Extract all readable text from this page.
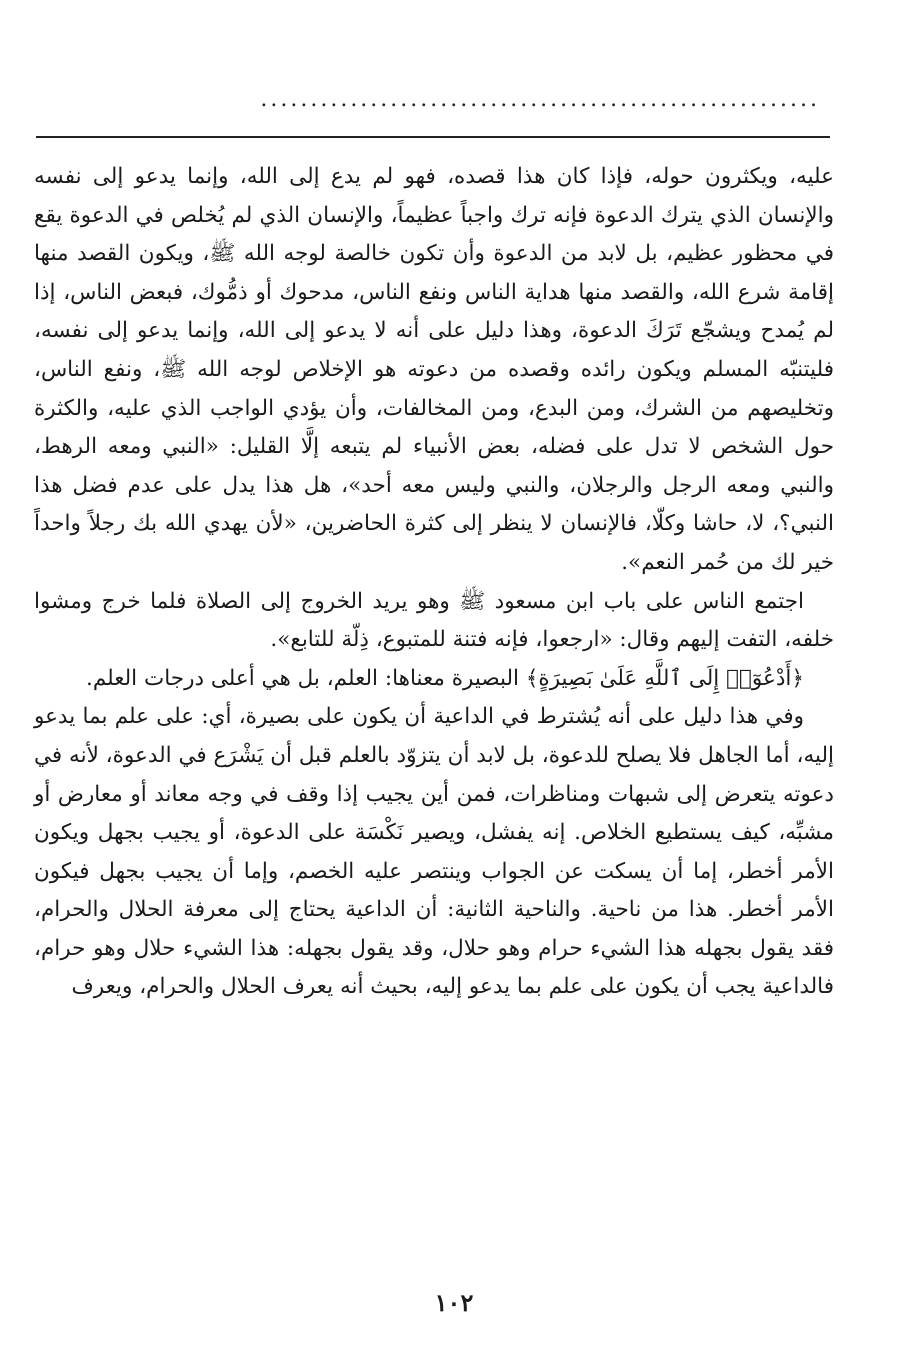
........................................................

عليه، ويكثرون حوله، فإذا كان هذا قصده، فهو لم يدع إلى الله، وإنما يدعو إلى نفسه والإنسان الذي يترك الدعوة فإنه ترك واجباً عظيماً، والإنسان الذي لم يُخلص في الدعوة يقع في محظور عظيم، بل لابد من الدعوة وأن تكون خالصة لوجه الله ﷺ، ويكون القصد منها إقامة شرع الله، والقصد منها هداية الناس ونفع الناس، مدحوك أو ذمُّوك، فبعض الناس، إذا لم يُمدح ويشجّع تَرَكَ الدعوة، وهذا دليل على أنه لا يدعو إلى الله، وإنما يدعو إلى نفسه، فليتنبّه المسلم ويكون رائده وقصده من دعوته هو الإخلاص لوجه الله ﷺ، ونفع الناس، وتخليصهم من الشرك، ومن البدع، ومن المخالفات، وأن يؤدي الواجب الذي عليه، والكثرة حول الشخص لا تدل على فضله، بعض الأنبياء لم يتبعه إلَّا القليل: «النبي ومعه الرهط، والنبي ومعه الرجل والرجلان، والنبي وليس معه أحد»، هل هذا يدل على عدم فضل هذا النبي؟، لا، حاشا وكلّا، فالإنسان لا ينظر إلى كثرة الحاضرين، «لأن يهدي الله بك رجلاً واحداً خير لك من حُمر النعم».

اجتمع الناس على باب ابن مسعود ﷺ وهو يريد الخروج إلى الصلاة فلما خرج ومشوا خلفه، التفت إليهم وقال: «ارجعوا، فإنه فتنة للمتبوع، ذِلّة للتابع».

﴿أَدْعُوٓا۟ إِلَى ٱللَّهِ عَلَىٰ بَصِيرَةٍ﴾ البصيرة معناها: العلم، بل هي أعلى درجات العلم.

وفي هذا دليل على أنه يُشترط في الداعية أن يكون على بصيرة، أي: على علم بما يدعو إليه، أما الجاهل فلا يصلح للدعوة، بل لابد أن يتزوّد بالعلم قبل أن يَشْرَع في الدعوة، لأنه في دعوته يتعرض إلى شبهات ومناظرات، فمن أين يجيب إذا وقف في وجه معاند أو معارض أو مشبِّه، كيف يستطيع الخلاص. إنه يفشل، ويصير نَكْسَة على الدعوة، أو يجيب بجهل ويكون الأمر أخطر، إما أن يسكت عن الجواب وينتصر عليه الخصم، وإما أن يجيب بجهل فيكون الأمر أخطر. هذا من ناحية. والناحية الثانية: أن الداعية يحتاج إلى معرفة الحلال والحرام، فقد يقول بجهله هذا الشيء حرام وهو حلال، وقد يقول بجهله: هذا الشيء حلال وهو حرام، فالداعية يجب أن يكون على علم بما يدعو إليه، بحيث أنه يعرف الحلال والحرام، ويعرف

١٠٢
